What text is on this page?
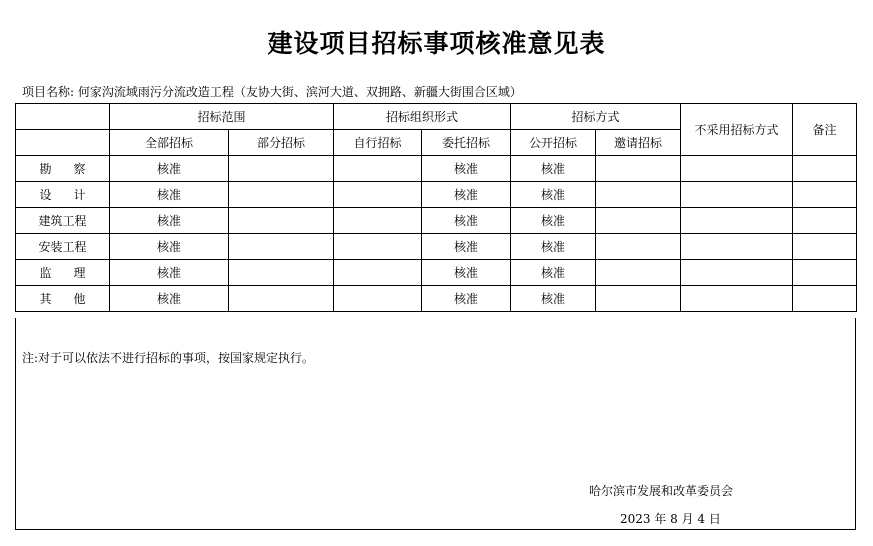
建设项目招标事项核准意见表
项目名称: 何家沟流域雨污分流改造工程（友协大街、滨河大道、双拥路、新疆大街围合区域）
	招标范围		招标组织形式		招标方式		不采用招标方式	备注
	全部招标	部分招标	自行招标	委托招标	公开招标	邀请招标		
勘察	核准			核准	核准			
设计	核准			核准	核准			
建筑工程	核准			核准	核准			
安装工程	核准			核准	核准			
监理	核准			核准	核准			
其他	核准			核准	核准			
注:对于可以依法不进行招标的事项，按国家规定执行。
哈尔滨市发展和改革委员会
2023 年 8 月 4 日
